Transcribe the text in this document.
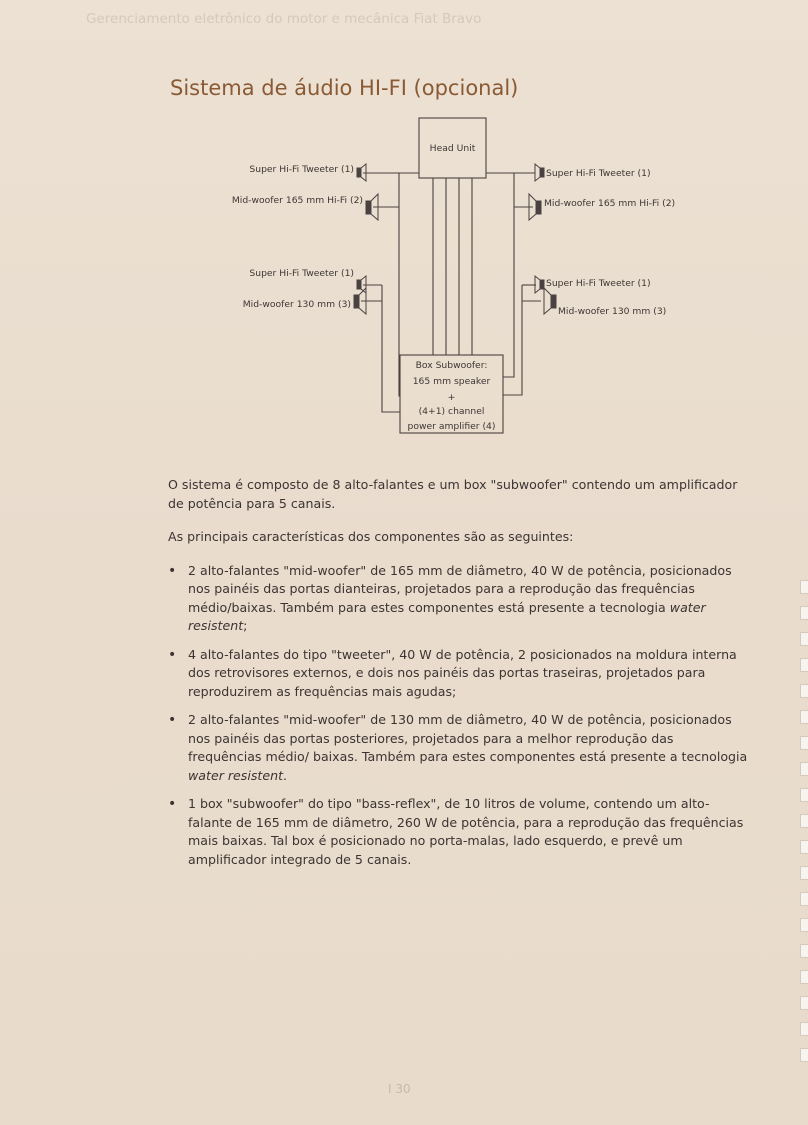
Gerenciamento eletrônico do motor e mecânica Fiat Bravo
Sistema de áudio HI-FI (opcional)
Head Unit
Super Hi-Fi Tweeter (1)
Mid-woofer 165 mm Hi-Fi (2)
Super Hi-Fi Tweeter (1)
Mid-woofer 130 mm (3)
Super Hi-Fi Tweeter (1)
Mid-woofer 165 mm Hi-Fi (2)
Super Hi-Fi Tweeter (1)
Mid-woofer 130 mm (3)
Box Subwoofer:
165 mm speaker
+
(4+1) channel
power amplifier (4)

O sistema é composto de 8 alto-falantes e um box "subwoofer" contendo um amplificador de potência para 5 canais.

As principais características dos componentes são as seguintes:

• 2 alto-falantes "mid-woofer" de 165 mm de diâmetro, 40 W de potência, posicionados nos painéis das portas dianteiras, projetados para a reprodução das frequências médio/baixas. Também para estes componentes está presente a tecnologia water resistent;
• 4 alto-falantes do tipo "tweeter", 40 W de potência, 2 posicionados na moldura interna dos retrovisores externos, e dois nos painéis das portas traseiras, projetados para reproduzirem as frequências mais agudas;
• 2 alto-falantes "mid-woofer" de 130 mm de diâmetro, 40 W de potência, posicionados nos painéis das portas posteriores, projetados para a melhor reprodução das frequências médio/ baixas. Também para estes componentes está presente a tecnologia water resistent.
• 1 box "subwoofer" do tipo "bass-reflex", de 10 litros de volume, contendo um alto-falante de 165 mm de diâmetro, 260 W de potência, para a reprodução das frequências mais baixas. Tal box é posicionado no porta-malas, lado esquerdo, e prevê um amplificador integrado de 5 canais.
I 30
